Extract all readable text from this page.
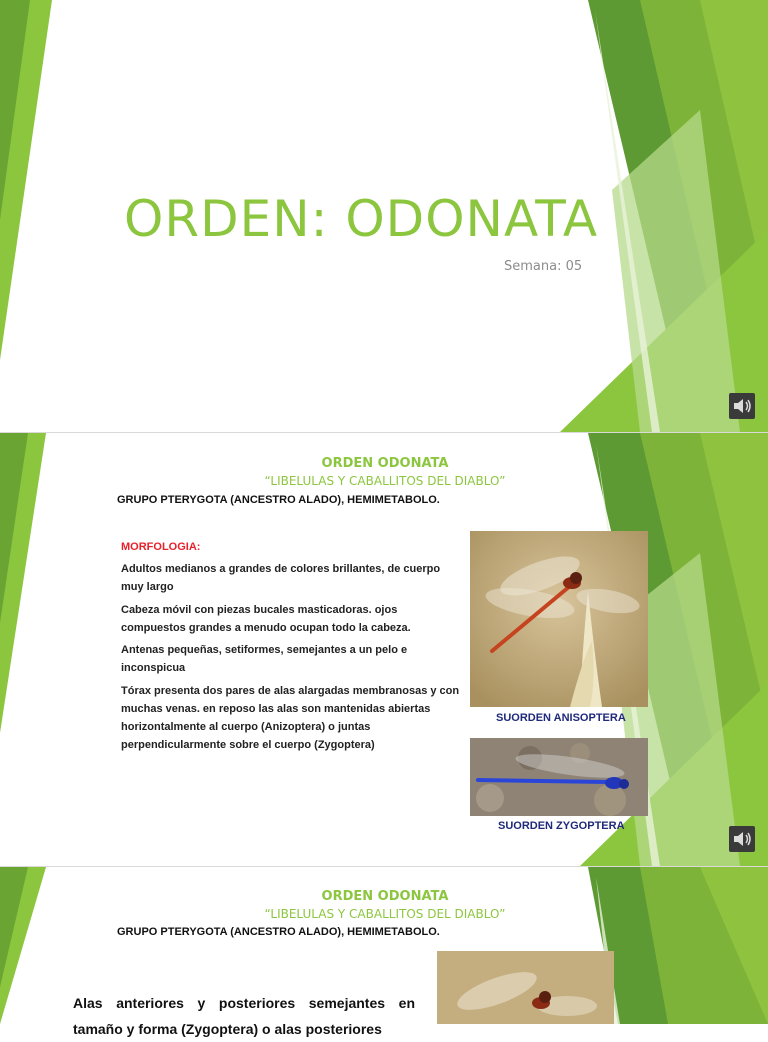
ORDEN: ODONATA
Semana: 05
ORDEN ODONATA
“LIBELULAS Y CABALLITOS DEL DIABLO”
GRUPO PTERYGOTA (ANCESTRO ALADO), HEMIMETABOLO.
MORFOLOGIA:
Adultos medianos a grandes de colores brillantes, de cuerpo muy largo
Cabeza móvil con piezas bucales masticadoras. ojos compuestos grandes a menudo ocupan todo la cabeza.
Antenas pequeñas, setiformes, semejantes a un pelo e inconspicua
Tórax presenta dos pares de alas alargadas membranosas y con muchas venas. en reposo las alas son mantenidas abiertas horizontalmente al cuerpo (Anizoptera) o juntas perpendicularmente sobre el cuerpo (Zygoptera)
SUORDEN ANISOPTERA
SUORDEN ZYGOPTERA
ORDEN ODONATA
“LIBELULAS Y CABALLITOS DEL DIABLO”
GRUPO PTERYGOTA (ANCESTRO ALADO), HEMIMETABOLO.
Alas anteriores y posteriores semejantes en tamaño y forma (Zygoptera) o alas posteriores
